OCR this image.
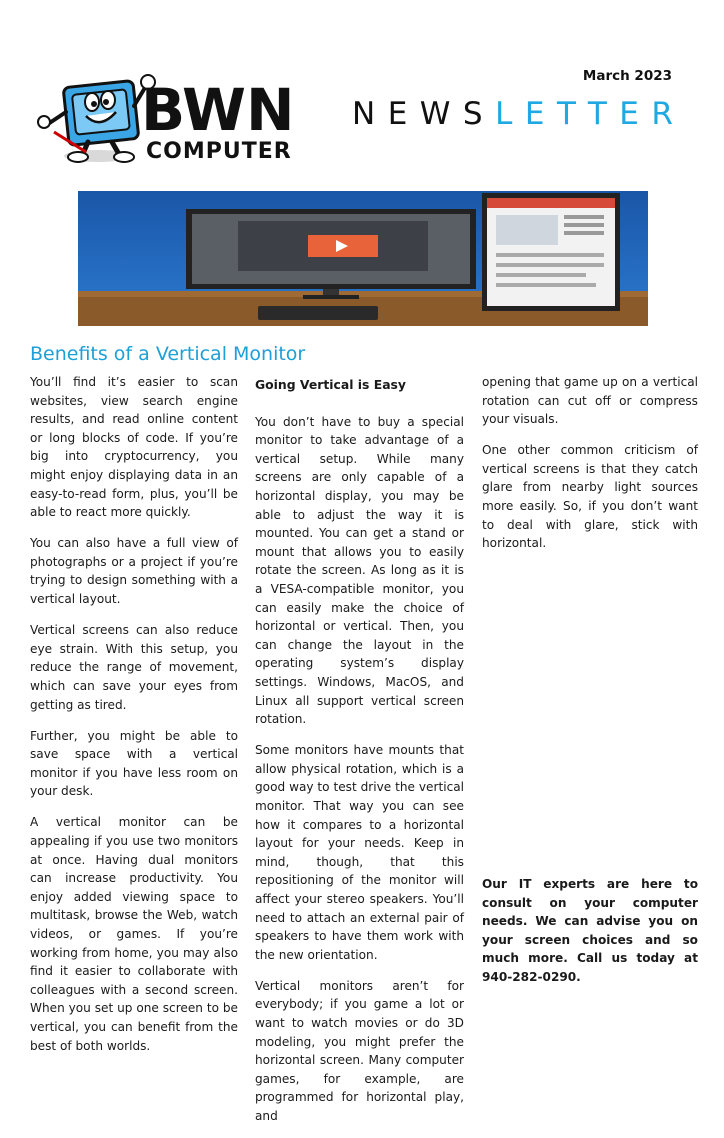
BWN
COMPUTER
March 2023
NEWSLETTER
Benefits of a Vertical Monitor

You’ll find it’s easier to scan websites, view search engine results, and read online content or long blocks of code. If you’re big into cryptocurrency, you might enjoy displaying data in an easy-to-read form, plus, you’ll be able to react more quickly.

You can also have a full view of photographs or a project if you’re trying to design something with a vertical layout.

Vertical screens can also reduce eye strain. With this setup, you reduce the range of movement, which can save your eyes from getting as tired.

Further, you might be able to save space with a vertical monitor if you have less room on your desk.

A vertical monitor can be appealing if you use two monitors at once. Having dual monitors can increase productivity. You enjoy added viewing space to multitask, browse the Web, watch videos, or games. If you’re working from home, you may also find it easier to collaborate with colleagues with a second screen. When you set up one screen to be vertical, you can benefit from the best of both worlds.

Going Vertical is Easy

You don’t have to buy a special monitor to take advantage of a vertical setup. While many screens are only capable of a horizontal display, you may be able to adjust the way it is mounted. You can get a stand or mount that allows you to easily rotate the screen. As long as it is a VESA-compatible monitor, you can easily make the choice of horizontal or vertical. Then, you can change the layout in the operating system’s display settings. Windows, MacOS, and Linux all support vertical screen rotation.

Some monitors have mounts that allow physical rotation, which is a good way to test drive the vertical monitor. That way you can see how it compares to a horizontal layout for your needs. Keep in mind, though, that this repositioning of the monitor will affect your stereo speakers. You’ll need to attach an external pair of speakers to have them work with the new orientation.

Vertical monitors aren’t for everybody; if you game a lot or want to watch movies or do 3D modeling, you might prefer the horizontal screen. Many computer games, for example, are programmed for horizontal play, and

opening that game up on a vertical rotation can cut off or compress your visuals.

One other common criticism of vertical screens is that they catch glare from nearby light sources more easily. So, if you don’t want to deal with glare, stick with horizontal.

Our IT experts are here to consult on your computer needs. We can advise you on your screen choices and so much more. Call us today at 940-282-0290.
